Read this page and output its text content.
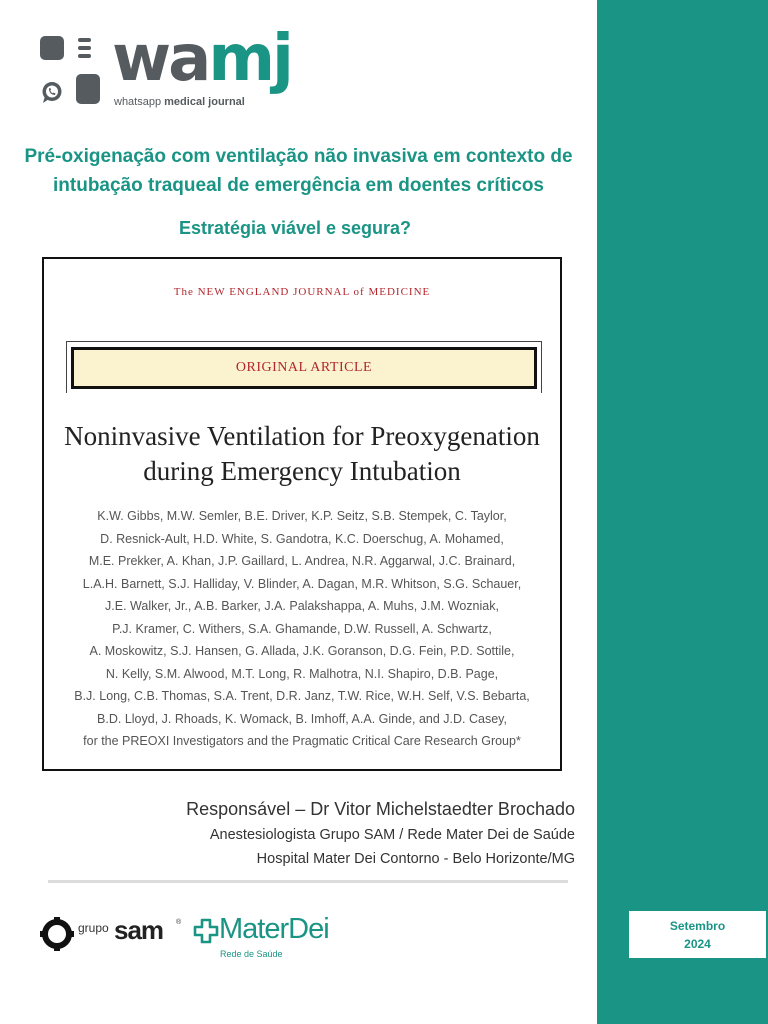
wamj
whatsapp medical journal
Pré-oxigenação com ventilação não invasiva em contexto de
intubação traqueal de emergência em doentes críticos
Estratégia viável e segura?
The NEW ENGLAND JOURNAL of MEDICINE
ORIGINAL ARTICLE
Noninvasive Ventilation for Preoxygenation
during Emergency Intubation
K.W. Gibbs, M.W. Semler, B.E. Driver, K.P. Seitz, S.B. Stempek, C. Taylor,
D. Resnick-Ault, H.D. White, S. Gandotra, K.C. Doerschug, A. Mohamed,
M.E. Prekker, A. Khan, J.P. Gaillard, L. Andrea, N.R. Aggarwal, J.C. Brainard,
L.A.H. Barnett, S.J. Halliday, V. Blinder, A. Dagan, M.R. Whitson, S.G. Schauer,
J.E. Walker, Jr., A.B. Barker, J.A. Palakshappa, A. Muhs, J.M. Wozniak,
P.J. Kramer, C. Withers, S.A. Ghamande, D.W. Russell, A. Schwartz,
A. Moskowitz, S.J. Hansen, G. Allada, J.K. Goranson, D.G. Fein, P.D. Sottile,
N. Kelly, S.M. Alwood, M.T. Long, R. Malhotra, N.I. Shapiro, D.B. Page,
B.J. Long, C.B. Thomas, S.A. Trent, D.R. Janz, T.W. Rice, W.H. Self, V.S. Bebarta,
B.D. Lloyd, J. Rhoads, K. Womack, B. Imhoff, A.A. Ginde, and J.D. Casey,
for the PREOXI Investigators and the Pragmatic Critical Care Research Group*
Responsável – Dr Vitor Michelstaedter Brochado
Anestesiologista Grupo SAM / Rede Mater Dei de Saúde
Hospital Mater Dei Contorno - Belo Horizonte/MG
grupo sam ® MaterDei
Rede de Saúde
Setembro
2024
